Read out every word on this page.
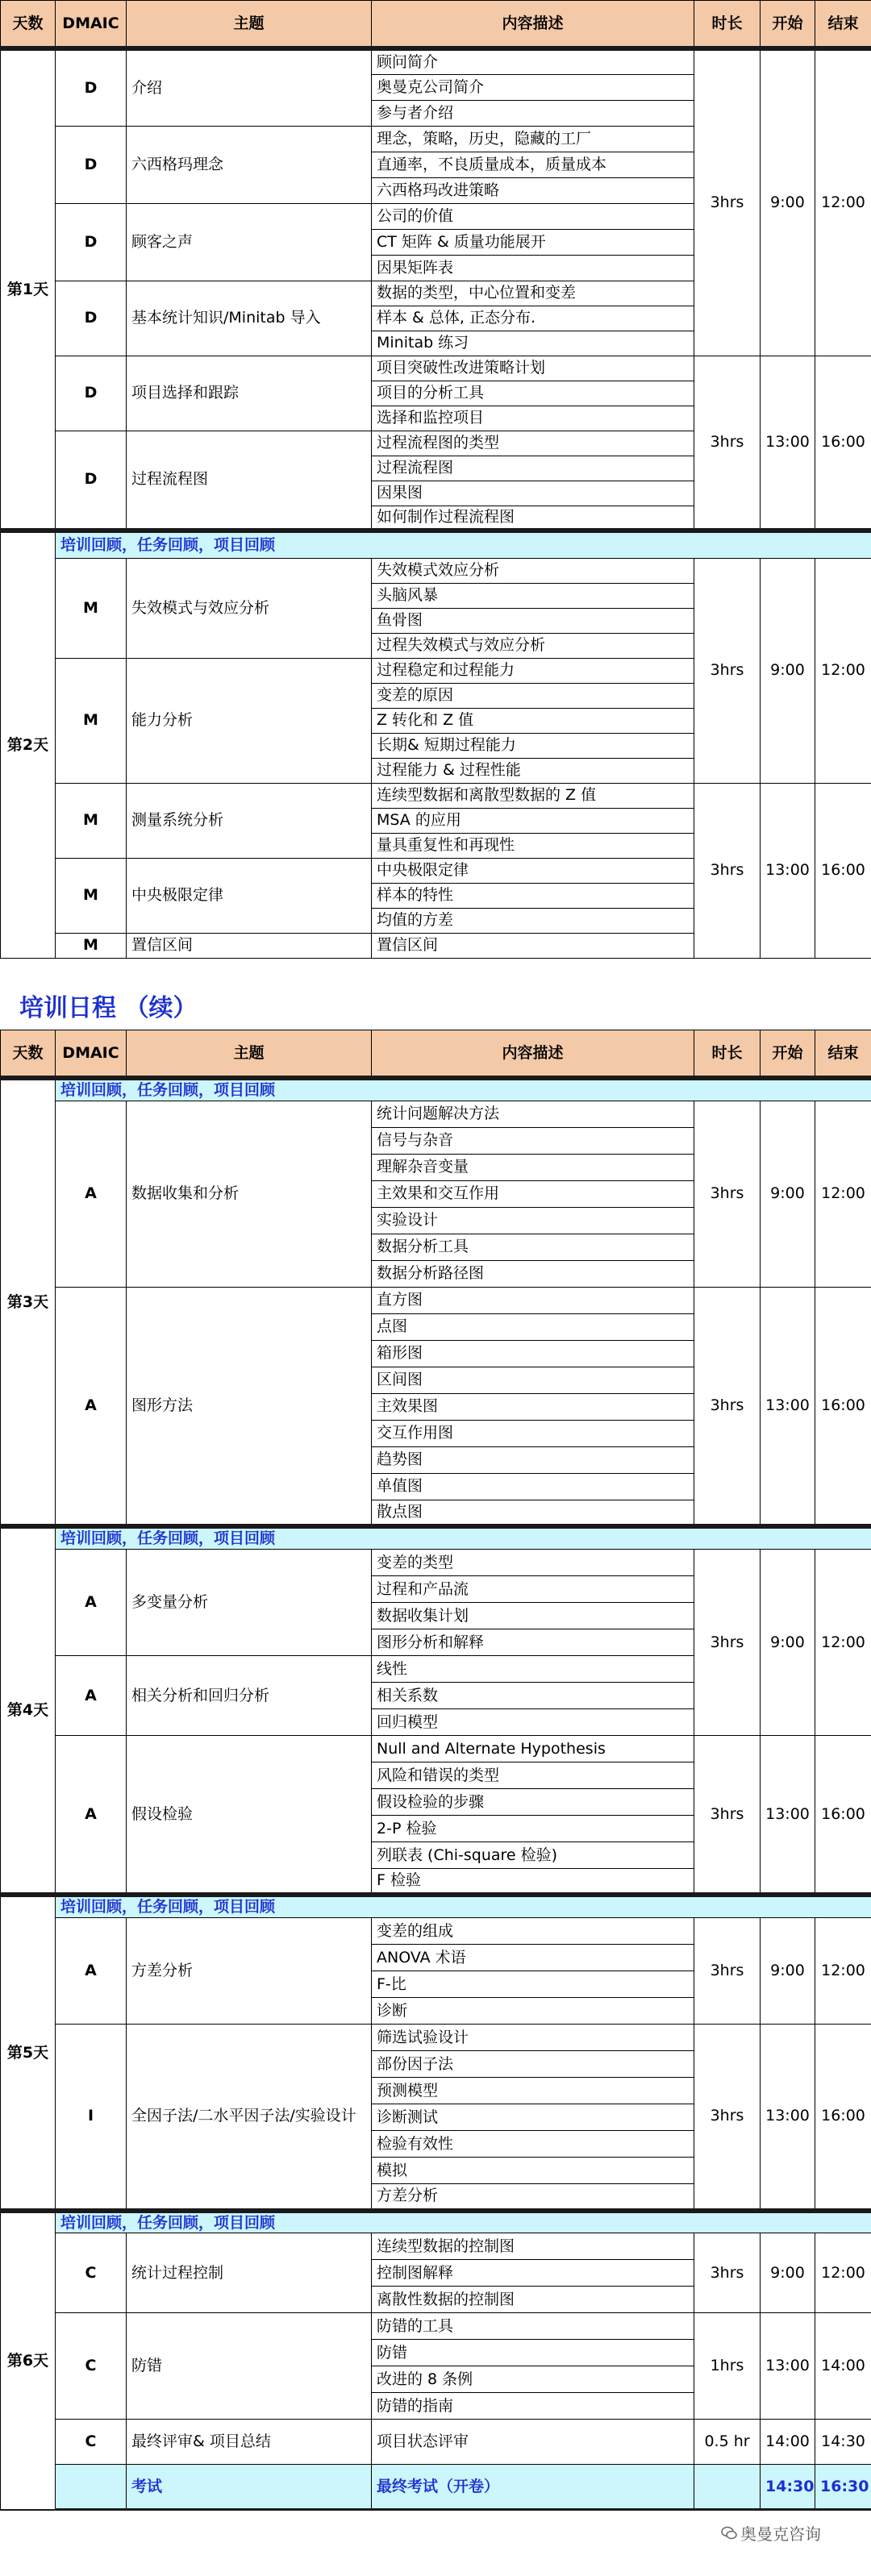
天数	DMAIC	主题	内容描述	时长	开始	结束
第1天	D	介绍	顾问简介	3hrs	9:00	12:00
			奥曼克公司简介			
			参与者介绍			
	D	六西格玛理念	理念，策略，历史，隐藏的工厂			
			直通率，不良质量成本，质量成本			
			六西格玛改进策略			
	D	顾客之声	公司的价值			
			CT 矩阵 & 质量功能展开			
			因果矩阵表			
	D	基本统计知识/Minitab 导入	数据的类型，中心位置和变差			
			样本 & 总体, 正态分布.			
			Minitab 练习			
	D	项目选择和跟踪	项目突破性改进策略计划	3hrs	13:00	16:00
			项目的分析工具			
			选择和监控项目			
	D	过程流程图	过程流程图的类型			
			过程流程图			
			因果图			
			如何制作过程流程图			
第2天	培训回顾，任务回顾，项目回顾					
	M	失效模式与效应分析	失效模式效应分析	3hrs	9:00	12:00
			头脑风暴			
			鱼骨图			
			过程失效模式与效应分析			
	M	能力分析	过程稳定和过程能力			
			变差的原因			
			Z 转化和 Z 值			
			长期& 短期过程能力			
			过程能力 & 过程性能			
	M	测量系统分析	连续型数据和离散型数据的 Z 值	3hrs	13:00	16:00
			MSA 的应用			
			量具重复性和再现性			
	M	中央极限定律	中央极限定律			
			样本的特性			
			均值的方差			
	M	置信区间	置信区间			
培训日程 （续）
天数	DMAIC	主题	内容描述	时长	开始	结束
第3天	培训回顾，任务回顾，项目回顾					
	A	数据收集和分析	统计问题解决方法	3hrs	9:00	12:00
			信号与杂音			
			理解杂音变量			
			主效果和交互作用			
			实验设计			
			数据分析工具			
			数据分析路径图			
	A	图形方法	直方图	3hrs	13:00	16:00
			点图			
			箱形图			
			区间图			
			主效果图			
			交互作用图			
			趋势图			
			单值图			
			散点图			
第4天	培训回顾，任务回顾，项目回顾					
	A	多变量分析	变差的类型	3hrs	9:00	12:00
			过程和产品流			
			数据收集计划			
			图形分析和解释			
	A	相关分析和回归分析	线性			
			相关系数			
			回归模型			
	A	假设检验	Null and Alternate Hypothesis	3hrs	13:00	16:00
			风险和错误的类型			
			假设检验的步骤			
			2-P 检验			
			列联表 (Chi-square 检验)			
			F 检验			
第5天	培训回顾，任务回顾，项目回顾					
	A	方差分析	变差的组成	3hrs	9:00	12:00
			ANOVA 术语			
			F-比			
			诊断			
	I	全因子法/二水平因子法/实验设计	筛选试验设计	3hrs	13:00	16:00
			部份因子法			
			预测模型			
			诊断测试			
			检验有效性			
			模拟			
			方差分析			
第6天	培训回顾，任务回顾，项目回顾					
	C	统计过程控制	连续型数据的控制图	3hrs	9:00	12:00
			控制图解释			
			离散性数据的控制图			
	C	防错	防错的工具	1hrs	13:00	14:00
			防错			
			改进的 8 条例			
			防错的指南			
	C	最终评审& 项目总结	项目状态评审	0.5 hr	14:00	14:30
		考试	最终考试（开卷）		14:30	16:30
奥曼克咨询
